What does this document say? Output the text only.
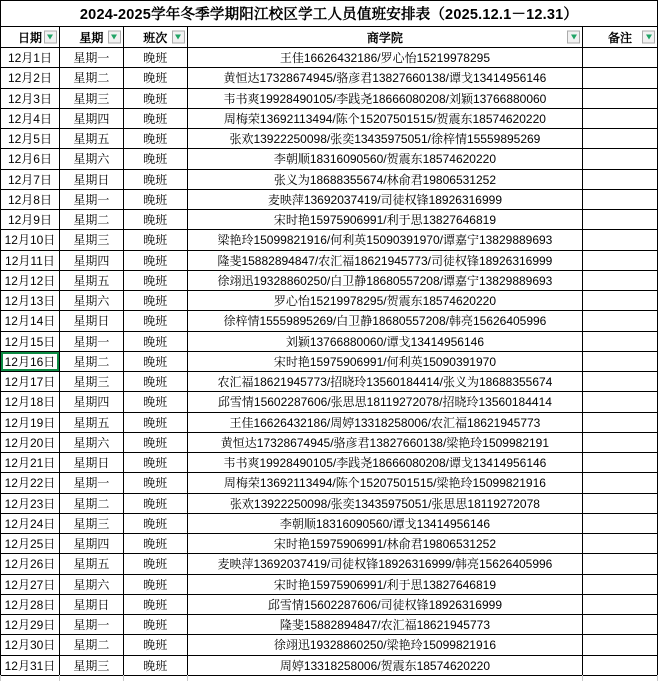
2024-2025学年冬季学期阳江校区学工人员值班安排表（2025.12.1－12.31）
日期	星期	班次	商学院	备注
12月1日	星期一	晚班	王佳16626432186/罗心怡15219978295
12月2日	星期二	晚班	黄恒达17328674945/骆彦君13827660138/谭戈13414956146
12月3日	星期三	晚班	韦书爽19928490105/李践尧18666080208/刘颖13766880060
12月4日	星期四	晚班	周梅荣13692113494/陈个15207501515/贺震东18574620220
12月5日	星期五	晚班	张欢13922250098/张奕13435975051/徐梓情15559895269
12月6日	星期六	晚班	李朝顺18316090560/贺震东18574620220
12月7日	星期日	晚班	张义为18688355674/林俞君19806531252
12月8日	星期一	晚班	麦映萍13692037419/司徒权锋18926316999
12月9日	星期二	晚班	宋时艳15975906991/利于思13827646819
12月10日	星期三	晚班	梁艳玲15099821916/何利英15090391970/谭嘉宁13829889693
12月11日	星期四	晚班	隆斐15882894847/农汇福18621945773/司徒权锋18926316999
12月12日	星期五	晚班	徐翊迅19328860250/白卫静18680557208/谭嘉宁13829889693
12月13日	星期六	晚班	罗心怡15219978295/贺震东18574620220
12月14日	星期日	晚班	徐梓情15559895269/白卫静18680557208/韩亮15626405996
12月15日	星期一	晚班	刘颖13766880060/谭戈13414956146
12月16日	星期二	晚班	宋时艳15975906991/何利英15090391970
12月17日	星期三	晚班	农汇福18621945773/招晓玲13560184414/张义为18688355674
12月18日	星期四	晚班	邱雪情15602287606/张思思18119272078/招晓玲13560184414
12月19日	星期五	晚班	王佳16626432186/周婷13318258006/农汇福18621945773
12月20日	星期六	晚班	黄恒达17328674945/骆彦君13827660138/梁艳玲1509982191
12月21日	星期日	晚班	韦书爽19928490105/李践尧18666080208/谭戈13414956146
12月22日	星期一	晚班	周梅荣13692113494/陈个15207501515/梁艳玲15099821916
12月23日	星期二	晚班	张欢13922250098/张奕13435975051/张思思18119272078
12月24日	星期三	晚班	李朝顺18316090560/谭戈13414956146
12月25日	星期四	晚班	宋时艳15975906991/林俞君19806531252
12月26日	星期五	晚班	麦映萍13692037419/司徒权锋18926316999/韩亮15626405996
12月27日	星期六	晚班	宋时艳15975906991/利于思13827646819
12月28日	星期日	晚班	邱雪情15602287606/司徒权锋18926316999
12月29日	星期一	晚班	隆斐15882894847/农汇福18621945773
12月30日	星期二	晚班	徐翊迅19328860250/梁艳玲15099821916
12月31日	星期三	晚班	周婷13318258006/贺震东18574620220
